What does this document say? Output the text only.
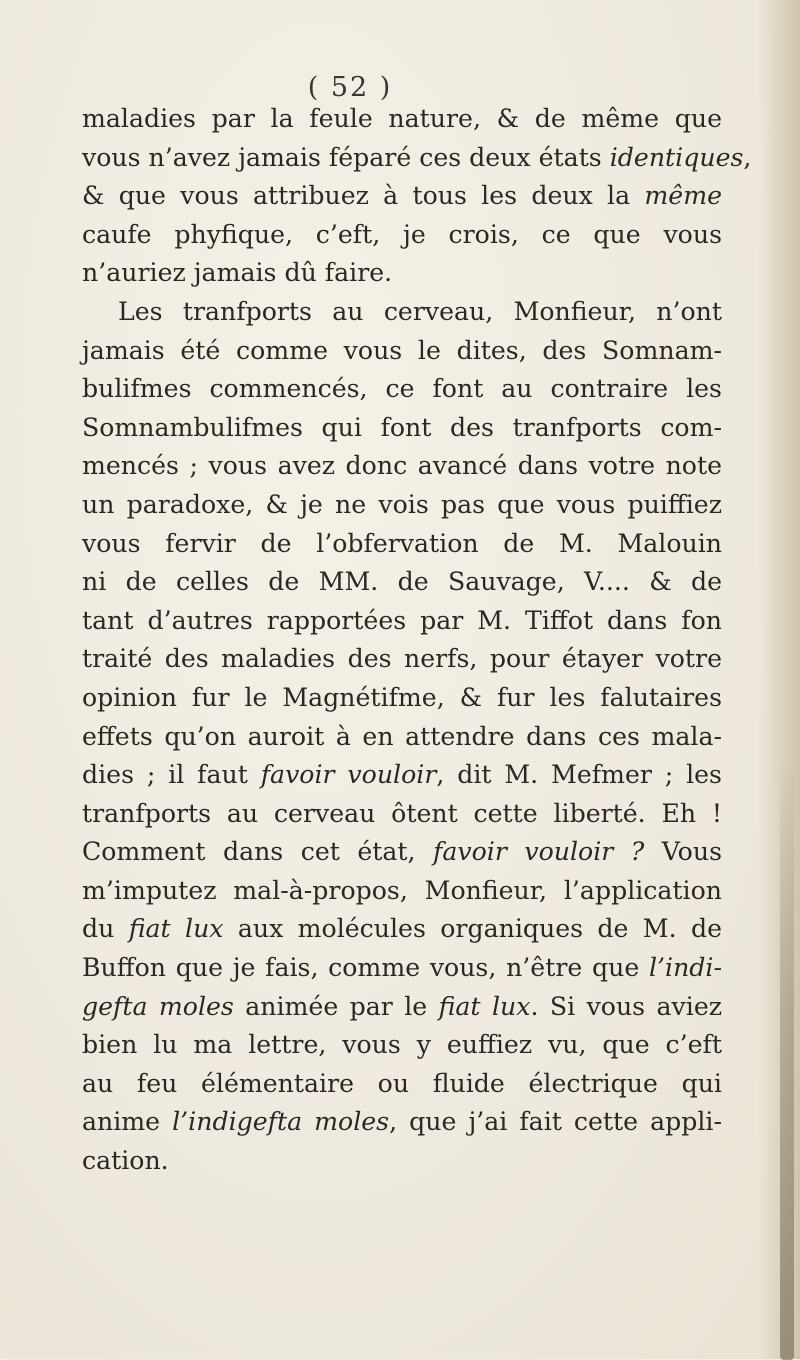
( 52 )
maladies par la feule nature, & de même que
vous n’avez jamais féparé ces deux états identiques,
& que vous attribuez à tous les deux la même
caufe phyfique, c’eft, je crois, ce que vous
n’auriez jamais dû faire.
Les tranfports au cerveau, Monfieur, n’ont
jamais été comme vous le dites, des Somnam-
bulifmes commencés, ce font au contraire les
Somnambulifmes qui font des tranfports com-
mencés ; vous avez donc avancé dans votre note
un paradoxe, & je ne vois pas que vous puiffiez
vous fervir de l’obfervation de M. Malouin
ni de celles de MM. de Sauvage, V.... & de
tant d’autres rapportées par M. Tiffot dans fon
traité des maladies des nerfs, pour étayer votre
opinion fur le Magnétifme, & fur les falutaires
effets qu’on auroit à en attendre dans ces mala-
dies ; il faut favoir vouloir, dit M. Mefmer ; les
tranfports au cerveau ôtent cette liberté. Eh !
Comment dans cet état, favoir vouloir ? Vous
m’imputez mal-à-propos, Monfieur, l’application
du fiat lux aux molécules organiques de M. de
Buffon que je fais, comme vous, n’être que l’indi-
gefta moles animée par le fiat lux. Si vous aviez
bien lu ma lettre, vous y euffiez vu, que c’eft
au feu élémentaire ou fluide électrique qui
anime l’indigefta moles, que j’ai fait cette appli-
cation.
